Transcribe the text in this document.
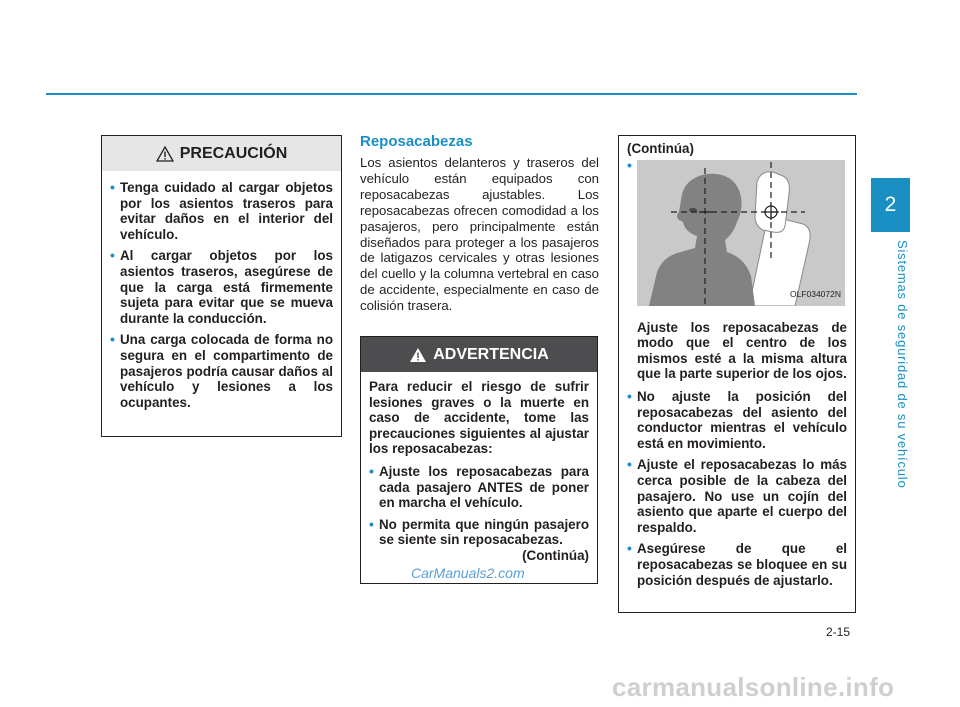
2
Sistemas de seguridad de su vehículo
PRECAUCIÓN
• Tenga cuidado al cargar objetos por los asientos traseros para evitar daños en el interior del vehículo.
• Al cargar objetos por los asientos traseros, asegúrese de que la carga está firmemente sujeta para evitar que se mueva durante la conducción.
• Una carga colocada de forma no segura en el compartimento de pasajeros podría causar daños al vehículo y lesiones a los ocupantes.
Reposacabezas
Los asientos delanteros y traseros del vehículo están equipados con reposacabezas ajustables. Los reposacabezas ofrecen comodidad a los pasajeros, pero principalmente están diseñados para proteger a los pasajeros de latigazos cervicales y otras lesiones del cuello y la columna vertebral en caso de accidente, especialmente en caso de colisión trasera.
ADVERTENCIA
Para reducir el riesgo de sufrir lesiones graves o la muerte en caso de accidente, tome las precauciones siguientes al ajustar los reposacabezas:
• Ajuste los reposacabezas para cada pasajero ANTES de poner en marcha el vehículo.
• No permita que ningún pasajero se siente sin reposacabezas.
(Continúa)
(Continúa)
•
OLF034072N
Ajuste los reposacabezas de modo que el centro de los mismos esté a la misma altura que la parte superior de los ojos.
• No ajuste la posición del reposacabezas del asiento del conductor mientras el vehículo está en movimiento.
• Ajuste el reposacabezas lo más cerca posible de la cabeza del pasajero. No use un cojín del asiento que aparte el cuerpo del respaldo.
• Asegúrese de que el reposacabezas se bloquee en su posición después de ajustarlo.
CarManuals2.com
2-15
carmanualsonline.info
